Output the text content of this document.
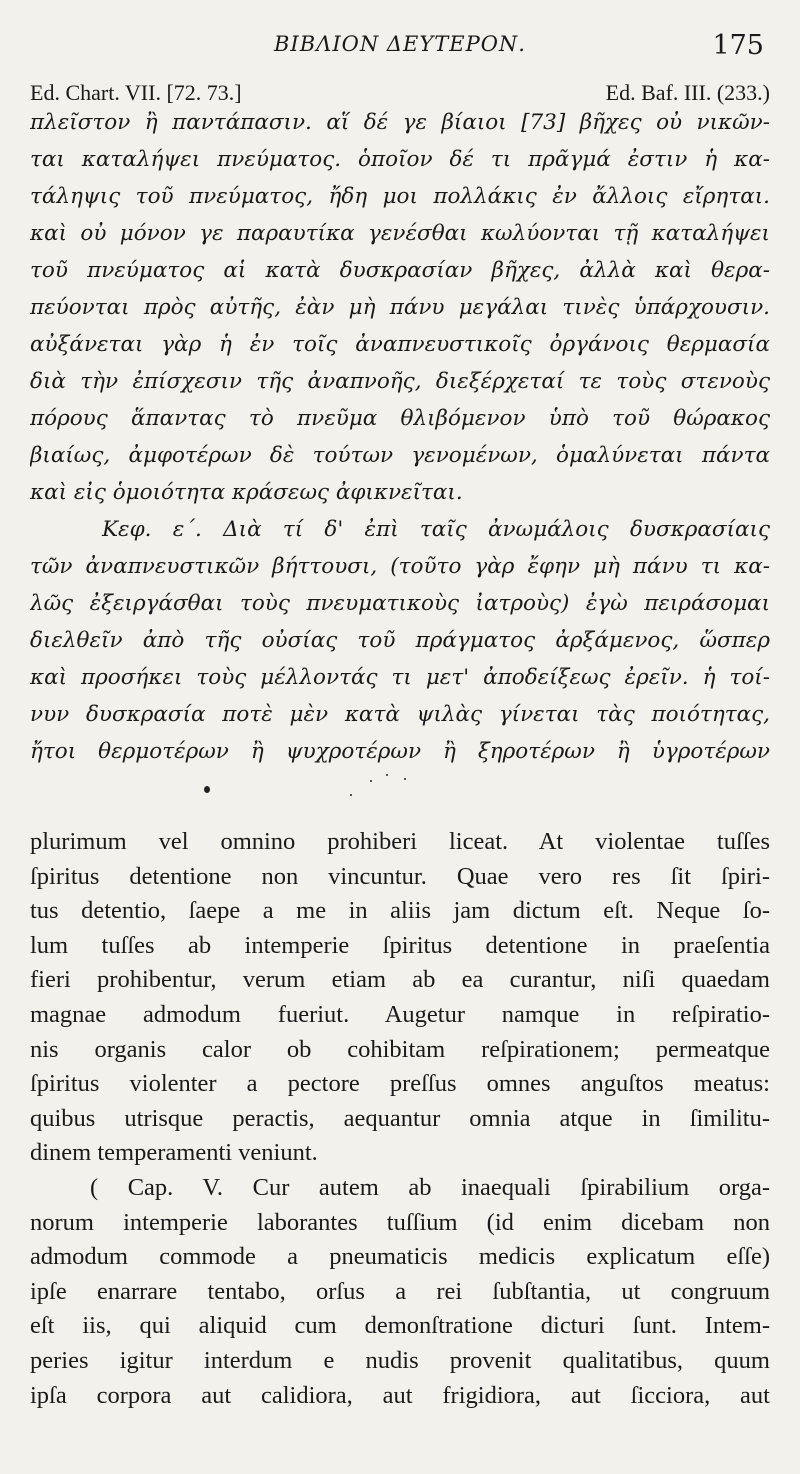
ΒΙΒΛΙΟΝ ΔΕΥΤΕΡΟΝ.	175
Ed. Chart. VII. [72. 73.]	Ed. Baf. III. (233.)
πλεῖστον ἢ παντάπασιν. αἵ δέ γε βίαιοι [73] βῆχες οὐ νικῶν-
ται καταλήψει πνεύματος. ὁποῖον δέ τι πρᾶγμά ἐστιν ἡ κα-
τάληψις τοῦ πνεύματος, ἤδη μοι πολλάκις ἐν ἄλλοις εἴρηται.
καὶ οὐ μόνον γε παραυτίκα γενέσθαι κωλύονται τῇ καταλήψει
τοῦ πνεύματος αἱ κατὰ δυσκρασίαν βῆχες, ἀλλὰ καὶ θερα-
πεύονται πρὸς αὐτῆς, ἐὰν μὴ πάνυ μεγάλαι τινὲς ὑπάρχουσιν.
αὐξάνεται γὰρ ἡ ἐν τοῖς ἀναπνευστικοῖς ὀργάνοις θερμασία
διὰ τὴν ἐπίσχεσιν τῆς ἀναπνοῆς, διεξέρχεταί τε τοὺς στενοὺς
πόρους ἅπαντας τὸ πνεῦμα θλιβόμενον ὑπὸ τοῦ θώρακος
βιαίως, ἀμφοτέρων δὲ τούτων γενομένων, ὁμαλύνεται πάντα
καὶ εἰς ὁμοιότητα κράσεως ἀφικνεῖται.
Κεφ. ε΄. Διὰ τί δ' ἐπὶ ταῖς ἀνωμάλοις δυσκρασίαις
τῶν ἀναπνευστικῶν βήττουσι, (τοῦτο γὰρ ἔφην μὴ πάνυ τι κα-
λῶς ἐξειργάσθαι τοὺς πνευματικοὺς ἰατροὺς) ἐγὼ πειράσομαι
διελθεῖν ἀπὸ τῆς οὐσίας τοῦ πράγματος ἀρξάμενος, ὥσπερ
καὶ προσήκει τοὺς μέλλοντάς τι μετ' ἀποδείξεως ἐρεῖν. ἡ τοί-
νυν δυσκρασία ποτὲ μὲν κατὰ ψιλὰς γίνεται τὰς ποιότητας,
ἤτοι θερμοτέρων ἢ ψυχροτέρων ἢ ξηροτέρων ἢ ὑγροτέρων
plurimum vel omnino prohiberi liceat. At violentae tuſſes
ſpiritus detentione non vincuntur. Quae vero res ſit ſpiri-
tus detentio, ſaepe a me in aliis jam dictum eſt. Neque ſo-
lum tuſſes ab intemperie ſpiritus detentione in praeſentia
fieri prohibentur, verum etiam ab ea curantur, niſi quaedam
magnae admodum fueriut. Augetur namque in reſpiratio-
nis organis calor ob cohibitam reſpirationem; permeatque
ſpiritus violenter a pectore preſſus omnes anguſtos meatus:
quibus utrisque peractis, aequantur omnia atque in ſimilitu-
dinem temperamenti veniunt.
( Cap. V. Cur autem ab inaequali ſpirabilium orga-
norum intemperie laborantes tuſſium (id enim dicebam non
admodum commode a pneumaticis medicis explicatum eſſe)
ipſe enarrare tentabo, orſus a rei ſubſtantia, ut congruum
eſt iis, qui aliquid cum demonſtratione dicturi ſunt. Intem-
peries igitur interdum e nudis provenit qualitatibus, quum
ipſa corpora aut calidiora, aut frigidiora, aut ſicciora, aut
